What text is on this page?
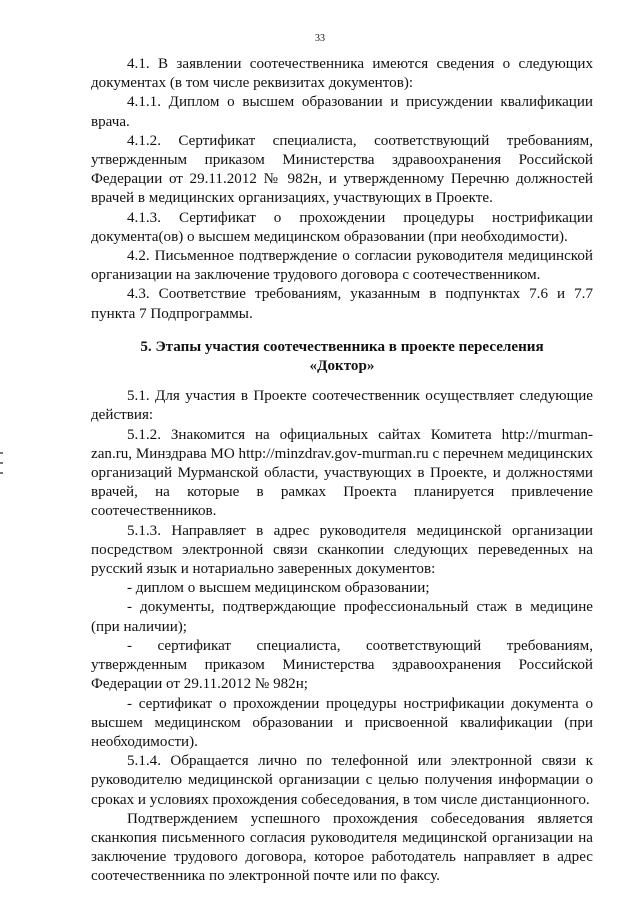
33

4.1. В заявлении соотечественника имеются сведения о следующих документах (в том числе реквизитах документов):

4.1.1. Диплом о высшем образовании и присуждении квалификации врача.

4.1.2. Сертификат специалиста, соответствующий требованиям, утвержденным приказом Министерства здравоохранения Российской Федерации от 29.11.2012 № 982н, и утвержденному Перечню должностей врачей в медицинских организациях, участвующих в Проекте.

4.1.3. Сертификат о прохождении процедуры нострификации документа(ов) о высшем медицинском образовании (при необходимости).

4.2. Письменное подтверждение о согласии руководителя медицинской организации на заключение трудового договора с соотечественником.

4.3. Соответствие требованиям, указанным в подпунктах 7.6 и 7.7 пункта 7 Подпрограммы.

5. Этапы участия соотечественника в проекте переселения «Доктор»

5.1. Для участия в Проекте соотечественник осуществляет следующие действия:

5.1.2. Знакомится на официальных сайтах Комитета http://murman-zan.ru, Минздрава МО http://minzdrav.gov-murman.ru с перечнем медицинских организаций Мурманской области, участвующих в Проекте, и должностями врачей, на которые в рамках Проекта планируется привлечение соотечественников.

5.1.3. Направляет в адрес руководителя медицинской организации посредством электронной связи сканкопии следующих переведенных на русский язык и нотариально заверенных документов:

- диплом о высшем медицинском образовании;

- документы, подтверждающие профессиональный стаж в медицине (при наличии);

- сертификат специалиста, соответствующий требованиям, утвержденным приказом Министерства здравоохранения Российской Федерации от 29.11.2012 № 982н;

- сертификат о прохождении процедуры нострификации документа о высшем медицинском образовании и присвоенной квалификации (при необходимости).

5.1.4. Обращается лично по телефонной или электронной связи к руководителю медицинской организации с целью получения информации о сроках и условиях прохождения собеседования, в том числе дистанционного.

Подтверждением успешного прохождения собеседования является сканкопия письменного согласия руководителя медицинской организации на заключение трудового договора, которое работодатель направляет в адрес соотечественника по электронной почте или по факсу.
